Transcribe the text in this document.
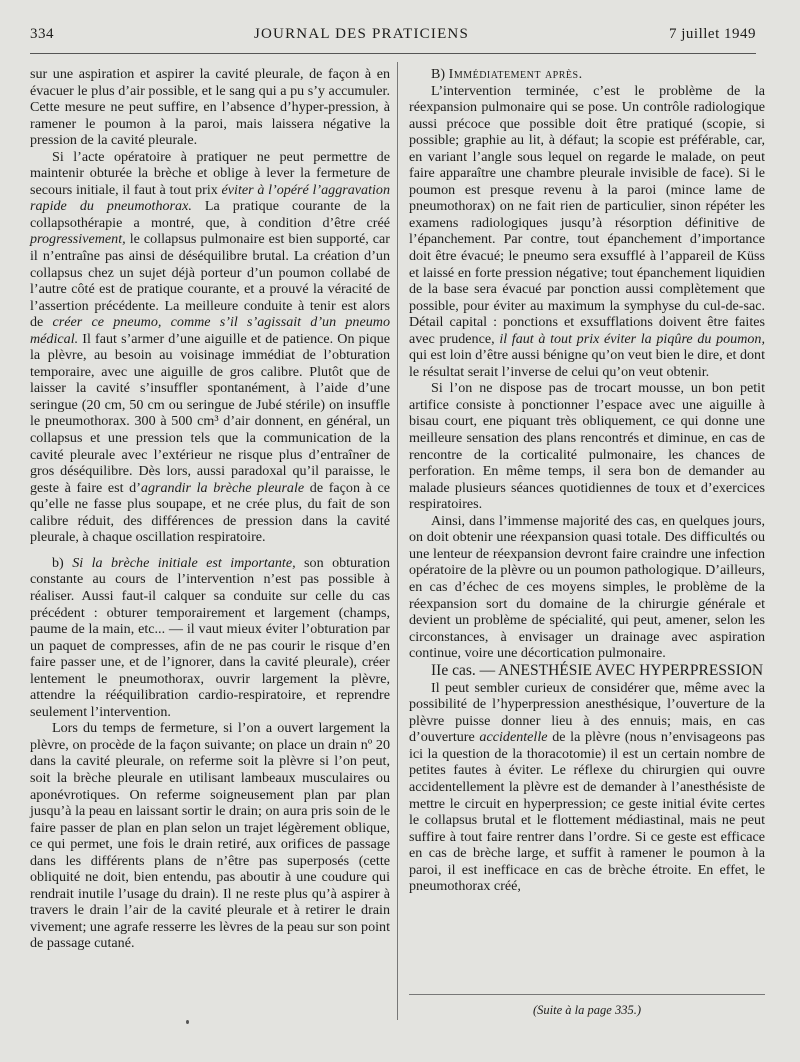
334	JOURNAL DES PRATICIENS	7 juillet 1949

sur une aspiration et aspirer la cavité pleurale, de façon à en évacuer le plus d’air possible, et le sang qui a pu s’y accumuler. Cette mesure ne peut suffire, en l’absence d’hyper-pression, à ramener le poumon à la paroi, mais laissera négative la pression de la cavité pleurale.

Si l’acte opératoire à pratiquer ne peut permettre de maintenir obturée la brèche et oblige à lever la fermeture de secours initiale, il faut à tout prix éviter à l’opéré l’aggravation rapide du pneumothorax. La pratique courante de la collapsothérapie a montré, que, à condition d’être créé progressivement, le collapsus pulmonaire est bien supporté, car il n’entraîne pas ainsi de déséquilibre brutal. La création d’un collapsus chez un sujet déjà porteur d’un poumon collabé de l’autre côté est de pratique courante, et a prouvé la véracité de l’assertion précédente. La meilleure conduite à tenir est alors de créer ce pneumo, comme s’il s’agissait d’un pneumo médical. Il faut s’armer d’une aiguille et de patience. On pique la plèvre, au besoin au voisinage immédiat de l’obturation temporaire, avec une aiguille de gros calibre. Plutôt que de laisser la cavité s’insuffler spontanément, à l’aide d’une seringue (20 cm, 50 cm ou seringue de Jubé stérile) on insuffle le pneumothorax. 300 à 500 cm³ d’air donnent, en général, un collapsus et une pression tels que la communication de la cavité pleurale avec l’extérieur ne risque plus d’entraîner de gros déséquilibre. Dès lors, aussi paradoxal qu’il paraisse, le geste à faire est d’agrandir la brèche pleurale de façon à ce qu’elle ne fasse plus soupape, et ne crée plus, du fait de son calibre réduit, des différences de pression dans la cavité pleurale, à chaque oscillation respiratoire.

b) Si la brèche initiale est importante, son obturation constante au cours de l’intervention n’est pas possible à réaliser. Aussi faut-il calquer sa conduite sur celle du cas précédent : obturer temporairement et largement (champs, paume de la main, etc... — il vaut mieux éviter l’obturation par un paquet de compresses, afin de ne pas courir le risque d’en faire passer une, et de l’ignorer, dans la cavité pleurale), créer lentement le pneumothorax, ouvrir largement la plèvre, attendre la rééquilibration cardio-respiratoire, et reprendre seulement l’intervention.

Lors du temps de fermeture, si l’on a ouvert largement la plèvre, on procède de la façon suivante; on place un drain nº 20 dans la cavité pleurale, on referme soit la plèvre si l’on peut, soit la brèche pleurale en utilisant lambeaux musculaires ou aponévrotiques. On referme soigneusement plan par plan jusqu’à la peau en laissant sortir le drain; on aura pris soin de le faire passer de plan en plan selon un trajet légèrement oblique, ce qui permet, une fois le drain retiré, aux orifices de passage dans les différents plans de n’être pas superposés (cette obliquité ne doit, bien entendu, pas aboutir à une coudure qui rendrait inutile l’usage du drain). Il ne reste plus qu’à aspirer à travers le drain l’air de la cavité pleurale et à retirer le drain vivement; une agrafe resserre les lèvres de la peau sur son point de passage cutané.

B) Immédiatement après.

L’intervention terminée, c’est le problème de la réexpansion pulmonaire qui se pose. Un contrôle radiologique aussi précoce que possible doit être pratiqué (scopie, si possible; graphie au lit, à défaut; la scopie est préférable, car, en variant l’angle sous lequel on regarde le malade, on peut faire apparaître une chambre pleurale invisible de face). Si le poumon est presque revenu à la paroi (mince lame de pneumothorax) on ne fait rien de particulier, sinon répéter les examens radiologiques jusqu’à résorption définitive de l’épanchement. Par contre, tout épanchement d’importance doit être évacué; le pneumo sera exsufflé à l’appareil de Küss et laissé en forte pression négative; tout épanchement liquidien de la base sera évacué par ponction aussi complètement que possible, pour éviter au maximum la symphyse du cul-de-sac. Détail capital : ponctions et exsufflations doivent être faites avec prudence, il faut à tout prix éviter la piqûre du poumon, qui est loin d’être aussi bénigne qu’on veut bien le dire, et dont le résultat serait l’inverse de celui qu’on veut obtenir.

Si l’on ne dispose pas de trocart mousse, un bon petit artifice consiste à ponctionner l’espace avec une aiguille à bisau court, ene piquant très obliquement, ce qui donne une meilleure sensation des plans rencontrés et diminue, en cas de rencontre de la corticalité pulmonaire, les chances de perforation. En même temps, il sera bon de demander au malade plusieurs séances quotidiennes de toux et d’exercices respiratoires.

Ainsi, dans l’immense majorité des cas, en quelques jours, on doit obtenir une réexpansion quasi totale. Des difficultés ou une lenteur de réexpansion devront faire craindre une infection opératoire de la plèvre ou un poumon pathologique. D’ailleurs, en cas d’échec de ces moyens simples, le problème de la réexpansion sort du domaine de la chirurgie générale et devient un problème de spécialité, qui peut, amener, selon les circonstances, à envisager un drainage avec aspiration continue, voire une décortication pulmonaire.

IIe cas. — ANESTHÉSIE AVEC HYPERPRESSION

Il peut sembler curieux de considérer que, même avec la possibilité de l’hyperpression anesthésique, l’ouverture de la plèvre puisse donner lieu à des ennuis; mais, en cas d’ouverture accidentelle de la plèvre (nous n’envisageons pas ici la question de la thoracotomie) il est un certain nombre de petites fautes à éviter. Le réflexe du chirurgien qui ouvre accidentellement la plèvre est de demander à l’anesthésiste de mettre le circuit en hyperpression; ce geste initial évite certes le collapsus brutal et le flottement médiastinal, mais ne peut suffire à tout faire rentrer dans l’ordre. Si ce geste est efficace en cas de brèche large, et suffit à ramener le poumon à la paroi, il est inefficace en cas de brèche étroite. En effet, le pneumothorax créé,

(Suite à la page 335.)
